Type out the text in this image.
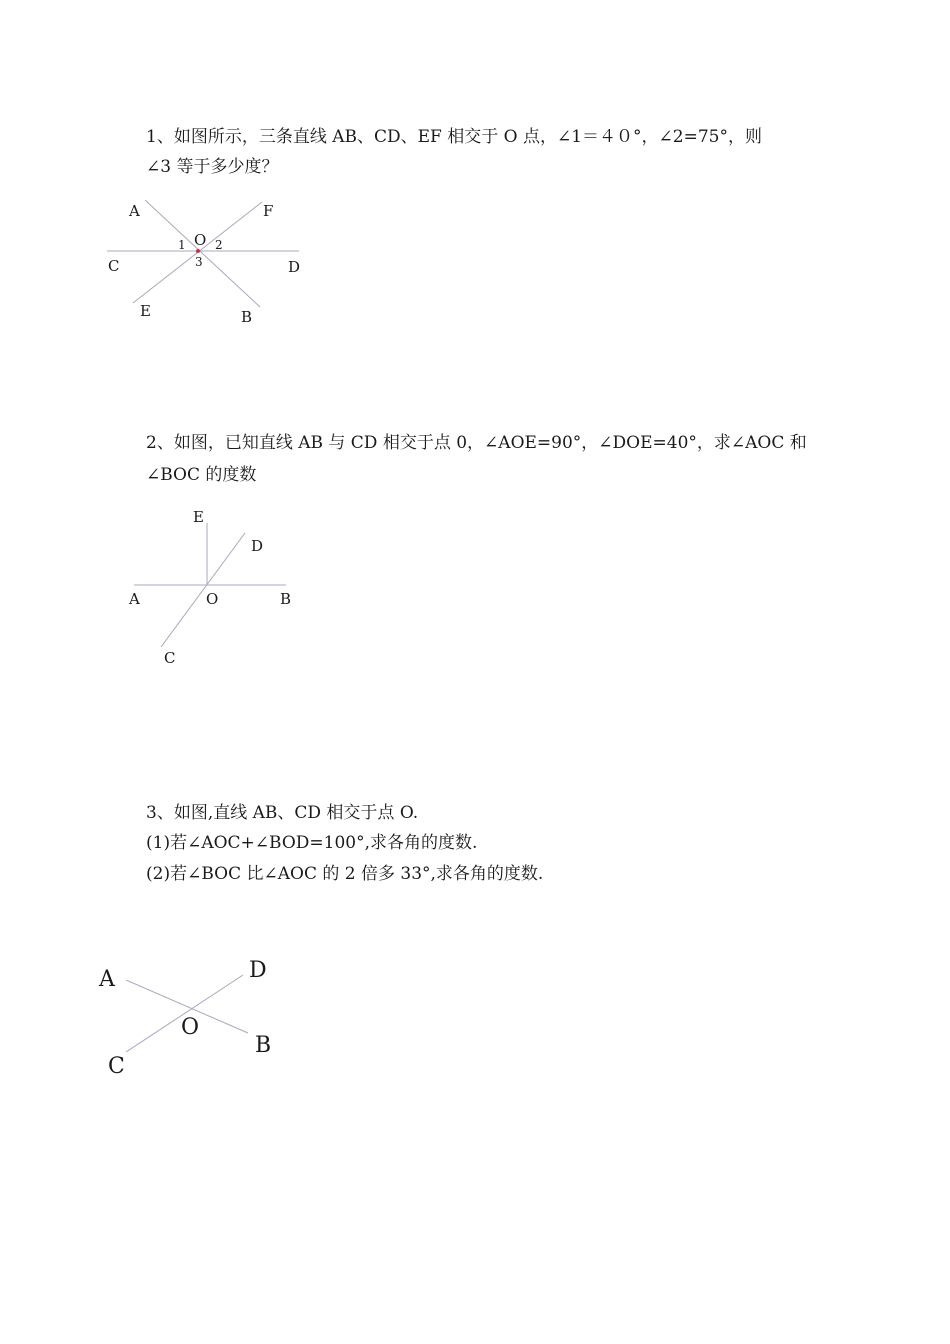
1、如图所示，三条直线 AB、CD、EF 相交于 O 点，∠1＝４０°，∠2=75°，则
∠3 等于多少度？
A	F
O
1 2
3
C	D
E	B
2、如图，已知直线 AB 与 CD 相交于点 0，∠AOE=90°，∠DOE=40°，求∠AOC 和
∠BOC 的度数
E
D
A	O	B
C
3、如图,直线 AB、CD 相交于点 O.
(1)若∠AOC+∠BOD=100°,求各角的度数.
(2)若∠BOC 比∠AOC 的 2 倍多 33°,求各角的度数.
A	D
O
B
C
